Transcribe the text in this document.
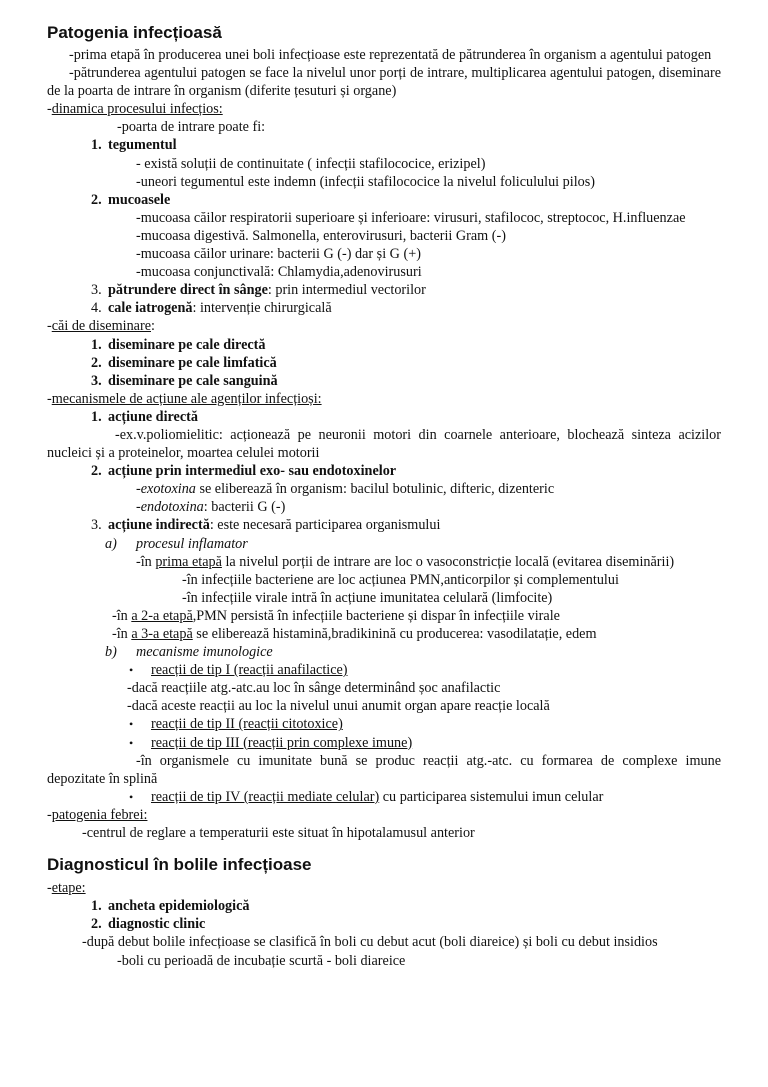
Patogenia infecțioasă
-prima etapă în producerea unei boli infecțioase este reprezentată de pătrunderea în organism a agentului patogen
-pătrunderea agentului patogen se face la nivelul unor porți de intrare, multiplicarea agentului patogen, diseminare de la poarta de intrare în organism (diferite țesuturi și organe)
-dinamica procesului infecțios:
-poarta de intrare poate fi:
1. tegumentul
- există soluții de continuitate ( infecții stafilococice, erizipel)
-uneori tegumentul este indemn (infecții stafilococice la nivelul foliculului pilos)
2. mucoasele
-mucoasa căilor respiratorii superioare și inferioare: virusuri, stafilococ, streptococ, H.influenzae
-mucoasa digestivă. Salmonella, enterovirusuri, bacterii Gram (-)
-mucoasa căilor urinare: bacterii G (-) dar și G (+)
-mucoasa conjunctivală: Chlamydia,adenovirusuri
3. pătrundere direct în sânge: prin intermediul vectorilor
4. cale iatrogenă: intervenție chirurgicală
-căi de diseminare:
1. diseminare pe cale directă
2. diseminare pe cale limfatică
3. diseminare pe cale sanguină
-mecanismele de acțiune ale agenților infecțioși:
1. acțiune directă
-ex.v.poliomielitic: acționează pe neuronii motori din coarnele anterioare, blochează sinteza acizilor nucleici și a proteinelor, moartea celulei motorii
2. acțiune prin intermediul exo- sau endotoxinelor
-exotoxina se eliberează în organism: bacilul botulinic, difteric, dizenteric
-endotoxina: bacterii G (-)
3. acțiune indirectă: este necesară participarea organismului
a) procesul inflamator
-în prima etapă la nivelul porții de intrare are loc o vasoconstricție locală (evitarea diseminării)
-în infecțiile bacteriene are loc acțiunea PMN,anticorpilor și complementului
-în infecțiile virale intră în acțiune imunitatea celulară (limfocite)
-în a 2-a etapă,PMN persistă în infecțiile bacteriene și dispar în infecțiile virale
-în a 3-a etapă se eliberează histamină,bradikinină cu producerea: vasodilatație, edem
b) mecanisme imunologice
• reacții de tip I (reacții anafilactice)
-dacă reacțiile atg.-atc.au loc în sânge determinând șoc anafilactic
-dacă aceste reacții au loc la nivelul unui anumit organ apare reacție locală
• reacții de tip II (reacții citotoxice)
• reacții de tip III (reacții prin complexe imune)
-în organismele cu imunitate bună se produc reacții atg.-atc. cu formarea de complexe imune depozitate în splină
• reacții de tip IV (reacții mediate celular) cu participarea sistemului imun celular
-patogenia febrei:
-centrul de reglare a temperaturii este situat în hipotalamusul anterior
Diagnosticul în bolile infecțioase
-etape:
1. ancheta epidemiologică
2. diagnostic clinic
-după debut bolile infecțioase se clasifică în boli cu debut acut (boli diareice) și boli cu debut insidios
-boli cu perioadă de incubație scurtă - boli diareice
